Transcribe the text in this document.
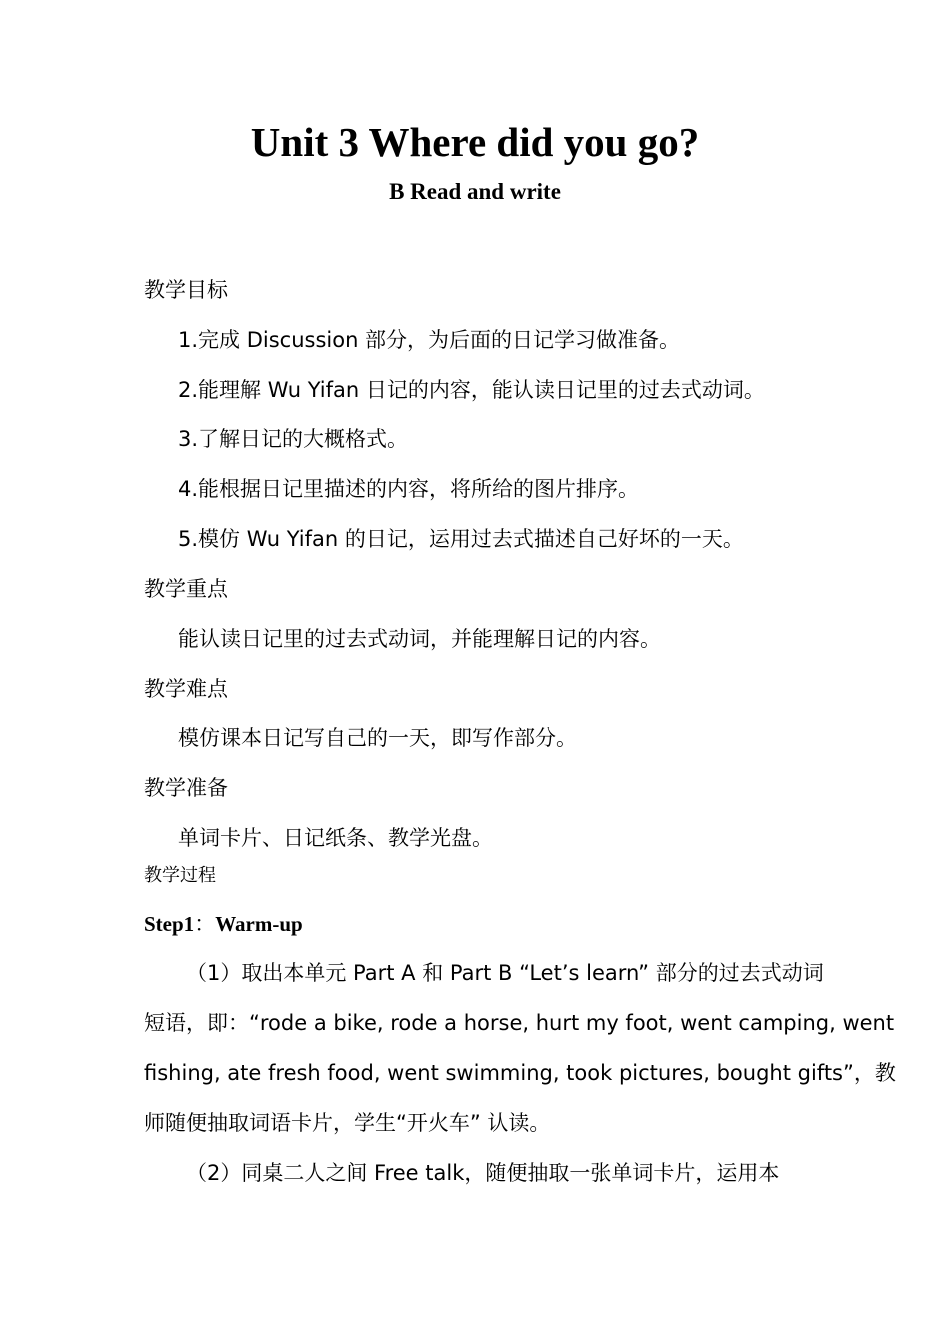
Unit 3 Where did you go?
B Read and write
教学目标
1.完成 Discussion 部分，为后面的日记学习做准备。
2.能理解 Wu Yifan 日记的内容，能认读日记里的过去式动词。
3.了解日记的大概格式。
4.能根据日记里描述的内容，将所给的图片排序。
5.模仿 Wu Yifan 的日记，运用过去式描述自己好坏的一天。
教学重点
能认读日记里的过去式动词，并能理解日记的内容。
教学难点
模仿课本日记写自己的一天，即写作部分。
教学准备
单词卡片、日记纸条、教学光盘。
教学过程
Step1：Warm-up
（1）取出本单元 Part A 和 Part B “Let’s learn” 部分的过去式动词
短语，即：“rode a bike, rode a horse, hurt my foot, went camping, went
fishing, ate fresh food, went swimming, took pictures, bought gifts”，教
师随便抽取词语卡片，学生“开火车” 认读。
（2）同桌二人之间 Free talk，随便抽取一张单词卡片，运用本
